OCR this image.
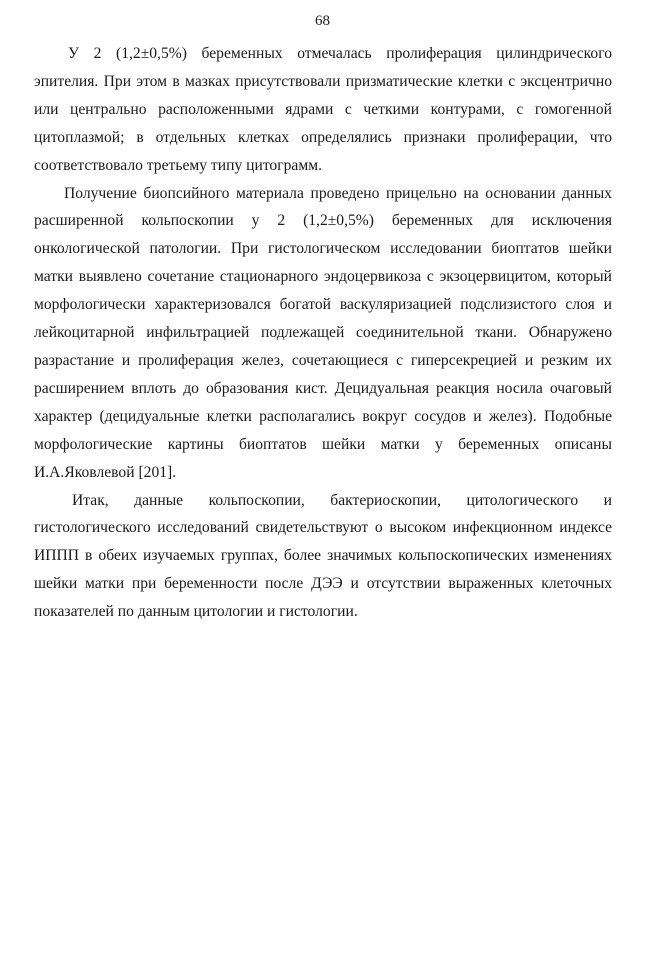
68

У 2 (1,2±0,5%) беременных отмечалась пролиферация цилиндрического эпителия. При этом в мазках присутствовали призматические клетки с эксцентрично или центрально расположенными ядрами с четкими контурами, с гомогенной цитоплазмой; в отдельных клетках определялись признаки пролиферации, что соответствовало третьему типу цитограмм.

Получение биопсийного материала проведено прицельно на основании данных расширенной кольпоскопии у 2 (1,2±0,5%) беременных для исключения онкологической патологии. При гистологическом исследовании биоптатов шейки матки выявлено сочетание стационарного эндоцервикоза с экзоцервицитом, который морфологически характеризовался богатой васкуляризацией подслизистого слоя и лейкоцитарной инфильтрацией подлежащей соединительной ткани. Обнаружено разрастание и пролиферация желез, сочетающиеся с гиперсекрецией и резким их расширением вплоть до образования кист. Децидуальная реакция носила очаговый характер (децидуальные клетки располагались вокруг сосудов и желез). Подобные морфологические картины биоптатов шейки матки у беременных описаны И.А.Яковлевой [201].

Итак, данные кольпоскопии, бактериоскопии, цитологического и гистологического исследований свидетельствуют о высоком инфекционном индексе ИППП в обеих изучаемых группах, более значимых кольпоскопических изменениях шейки матки при беременности после ДЭЭ и отсутствии выраженных клеточных показателей по данным цитологии и гистологии.
